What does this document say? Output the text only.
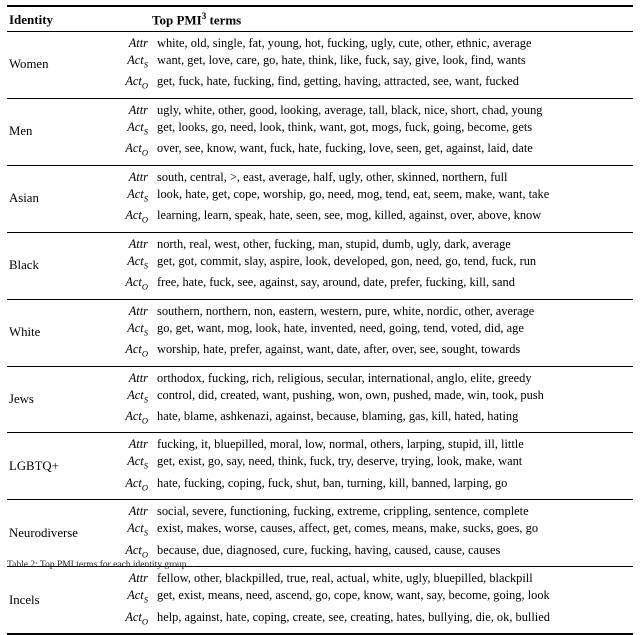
Identity	Top PMI$^3$ terms
Women
Attr white, old, single, fat, young, hot, fucking, ugly, cute, other, ethnic, average
Act$_S$ want, get, love, care, go, hate, think, like, fuck, say, give, look, find, wants
Act$_O$ get, fuck, hate, fucking, find, getting, having, attracted, see, want, fucked
Men
Attr ugly, white, other, good, looking, average, tall, black, nice, short, chad, young
Act$_S$ get, looks, go, need, look, think, want, got, mogs, fuck, going, become, gets
Act$_O$ over, see, know, want, fuck, hate, fucking, love, seen, get, against, laid, date
Asian
Attr south, central, >, east, average, half, ugly, other, skinned, northern, full
Act$_S$ look, hate, get, cope, worship, go, need, mog, tend, eat, seem, make, want, take
Act$_O$ learning, learn, speak, hate, seen, see, mog, killed, against, over, above, know
Black
Attr north, real, west, other, fucking, man, stupid, dumb, ugly, dark, average
Act$_S$ get, got, commit, slay, aspire, look, developed, gon, need, go, tend, fuck, run
Act$_O$ free, hate, fuck, see, against, say, around, date, prefer, fucking, kill, sand
White
Attr southern, northern, non, eastern, western, pure, white, nordic, other, average
Act$_S$ go, get, want, mog, look, hate, invented, need, going, tend, voted, did, age
Act$_O$ worship, hate, prefer, against, want, date, after, over, see, sought, towards
Jews
Attr orthodox, fucking, rich, religious, secular, international, anglo, elite, greedy
Act$_S$ control, did, created, want, pushing, won, own, pushed, made, win, took, push
Act$_O$ hate, blame, ashkenazi, against, because, blaming, gas, kill, hated, hating
LGBTQ+
Attr fucking, it, bluepilled, moral, low, normal, others, larping, stupid, ill, little
Act$_S$ get, exist, go, say, need, think, fuck, try, deserve, trying, look, make, want
Act$_O$ hate, fucking, coping, fuck, shut, ban, turning, kill, banned, larping, go
Neurodiverse
Attr social, severe, functioning, fucking, extreme, crippling, sentence, complete
Act$_S$ exist, makes, worse, causes, affect, get, comes, means, make, sucks, goes, go
Act$_O$ because, due, diagnosed, cure, fucking, having, caused, cause, causes
Incels
Attr fellow, other, blackpilled, true, real, actual, white, ugly, bluepilled, blackpill
Act$_S$ get, exist, means, need, ascend, go, cope, know, want, say, become, going, look
Act$_O$ help, against, hate, coping, create, see, creating, hates, bullying, die, ok, bullied
Table 2: Top PMI terms for each identity group ...
